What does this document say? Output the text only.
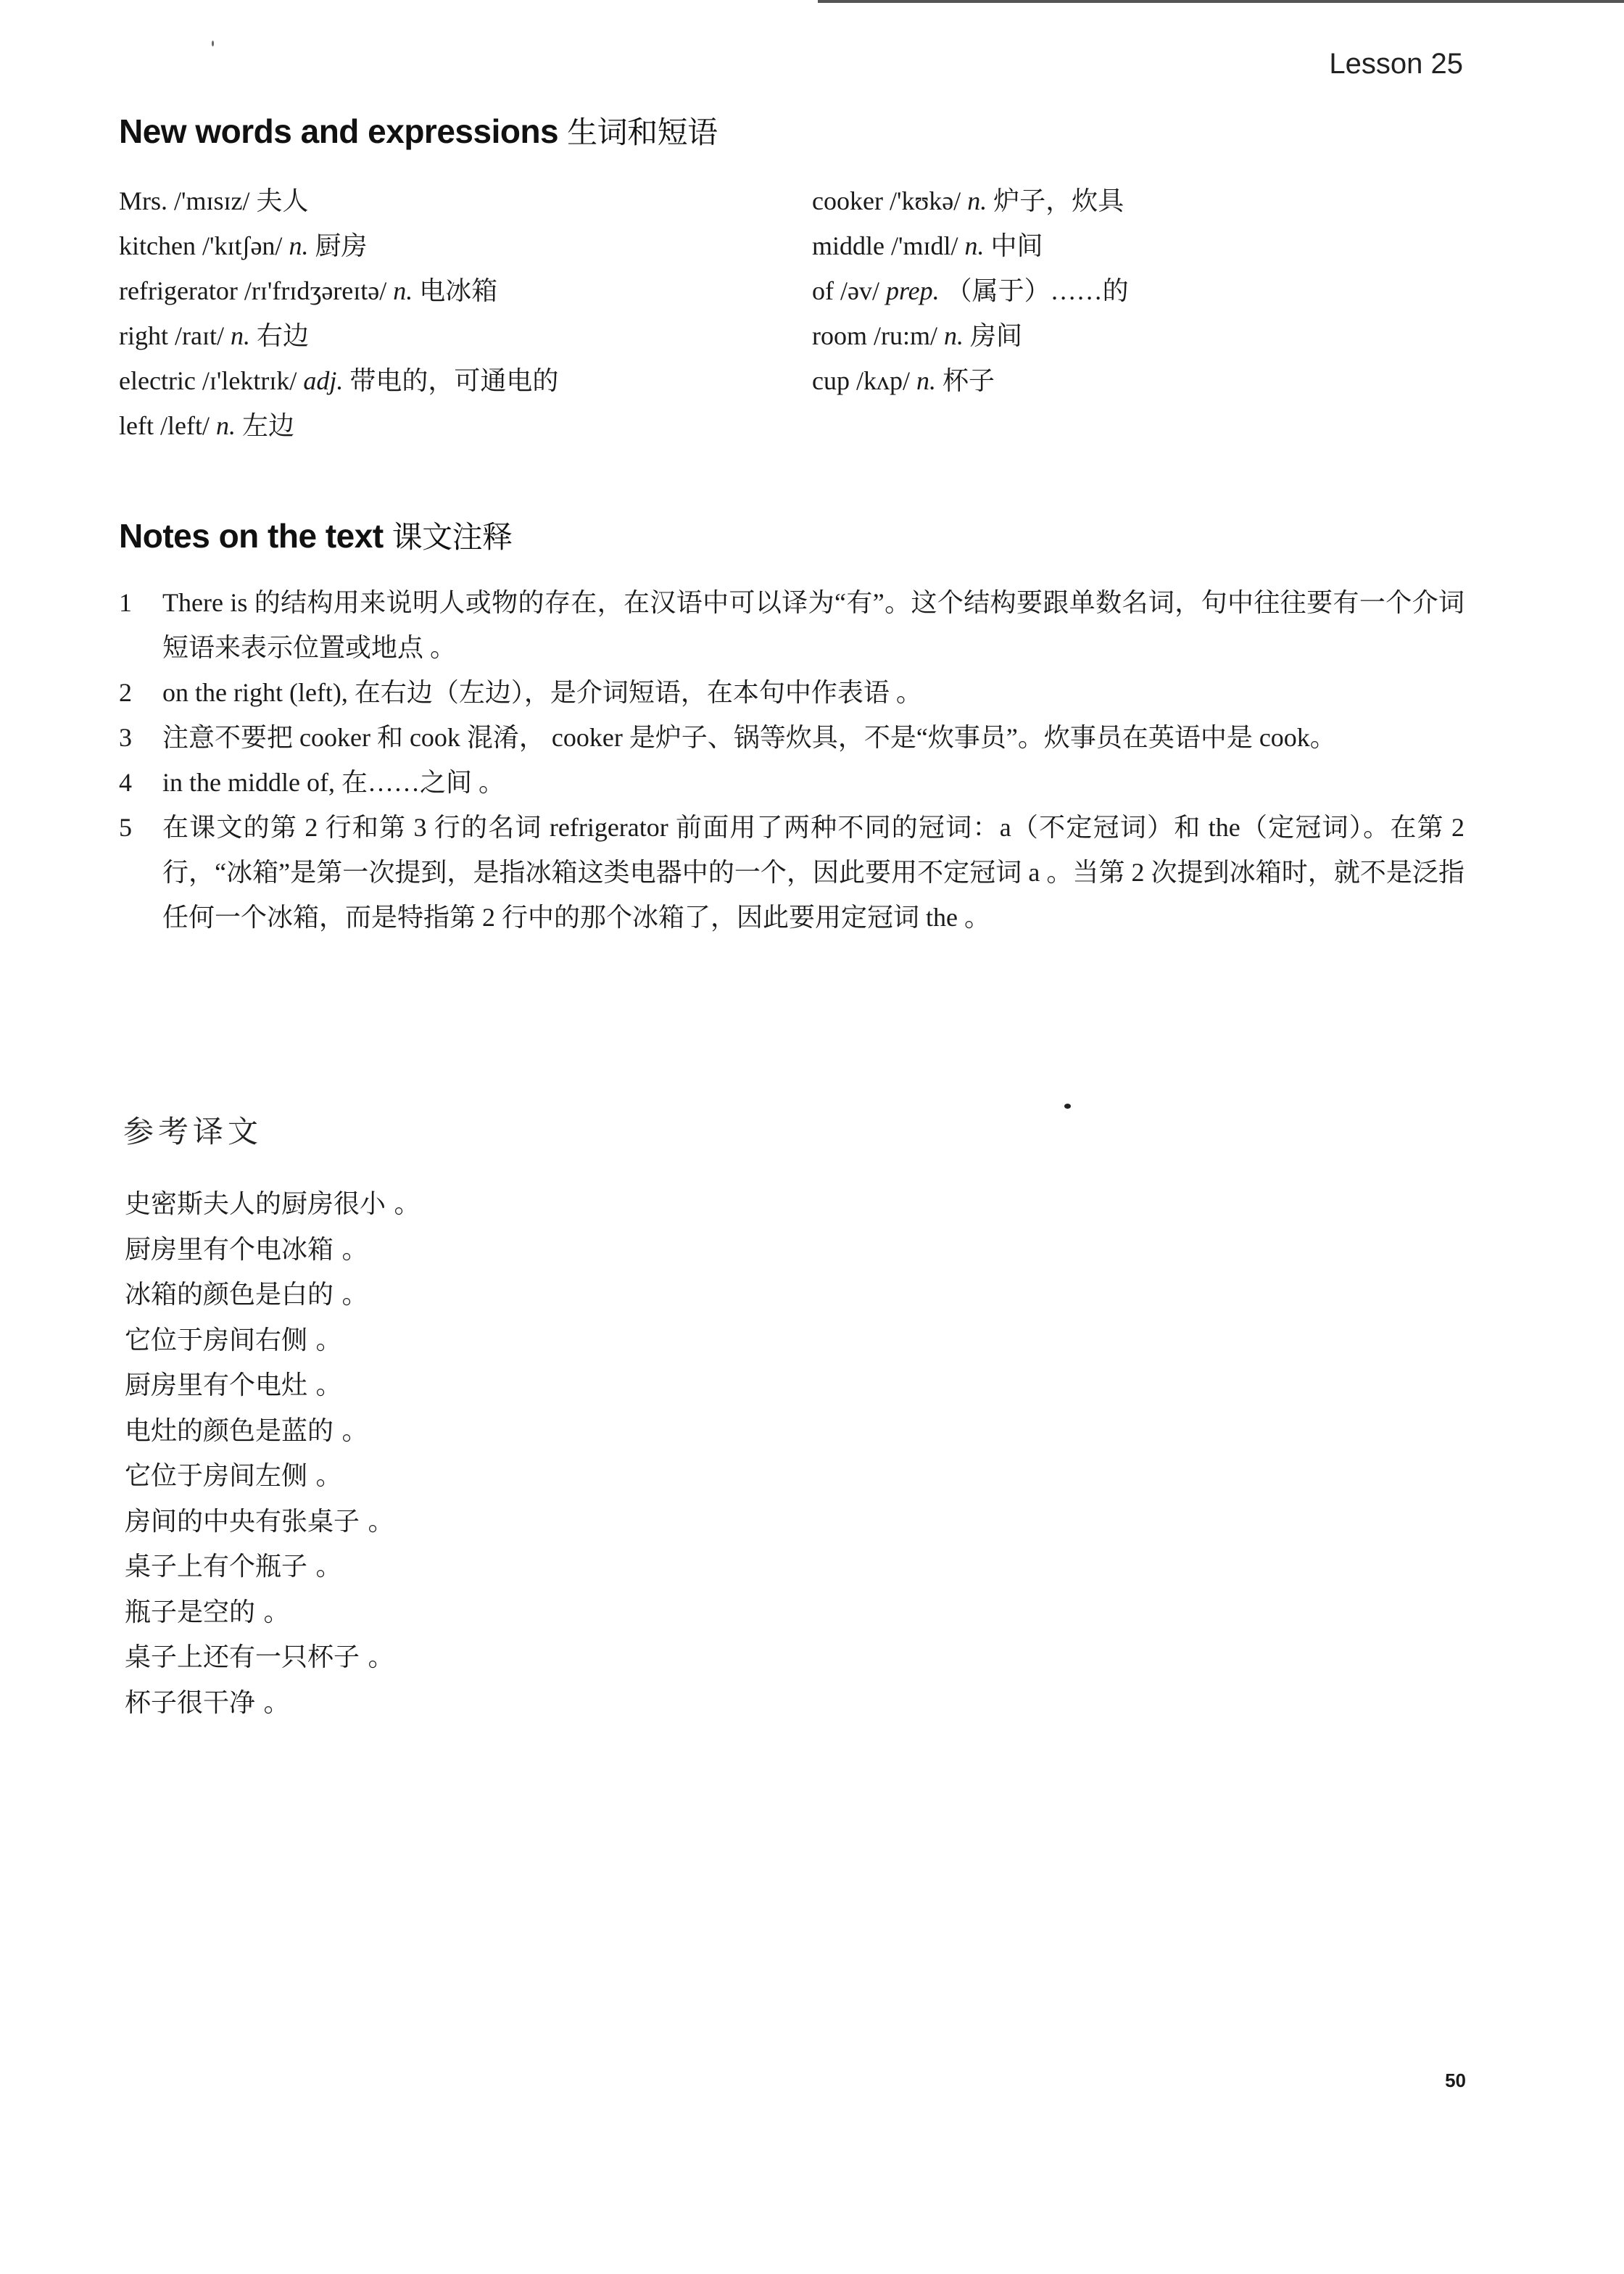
Lesson 25
New words and expressions 生词和短语
Mrs. /'mɪsɪz/ 夫人
kitchen /'kɪtʃən/ n. 厨房
refrigerator /rɪ'frɪdʒəreɪtə/ n. 电冰箱
right /raɪt/ n. 右边
electric /ɪ'lektrɪk/ adj. 带电的，可通电的
left /left/ n. 左边
cooker /'kʊkə/ n. 炉子，炊具
middle /'mɪdl/ n. 中间
of /əv/ prep. （属于）……的
room /ru:m/ n. 房间
cup /kʌp/ n. 杯子
Notes on the text 课文注释
1	There is 的结构用来说明人或物的存在，在汉语中可以译为“有”。这个结构要跟单数名词，句中往往要有一个介词短语来表示位置或地点 。
2	on the right (left), 在右边（左边），是介词短语，在本句中作表语 。
3	注意不要把 cooker 和 cook 混淆， cooker 是炉子、锅等炊具，不是“炊事员”。炊事员在英语中是 cook。
4	in the middle of, 在……之间 。
5	在课文的第 2 行和第 3 行的名词 refrigerator 前面用了两种不同的冠词：a（不定冠词）和 the（定冠词）。在第 2 行，“冰箱”是第一次提到，是指冰箱这类电器中的一个，因此要用不定冠词 a 。当第 2 次提到冰箱时，就不是泛指任何一个冰箱，而是特指第 2 行中的那个冰箱了，因此要用定冠词 the 。
参考译文
史密斯夫人的厨房很小 。
厨房里有个电冰箱 。
冰箱的颜色是白的 。
它位于房间右侧 。
厨房里有个电灶 。
电灶的颜色是蓝的 。
它位于房间左侧 。
房间的中央有张桌子 。
桌子上有个瓶子 。
瓶子是空的 。
桌子上还有一只杯子 。
杯子很干净 。
50
